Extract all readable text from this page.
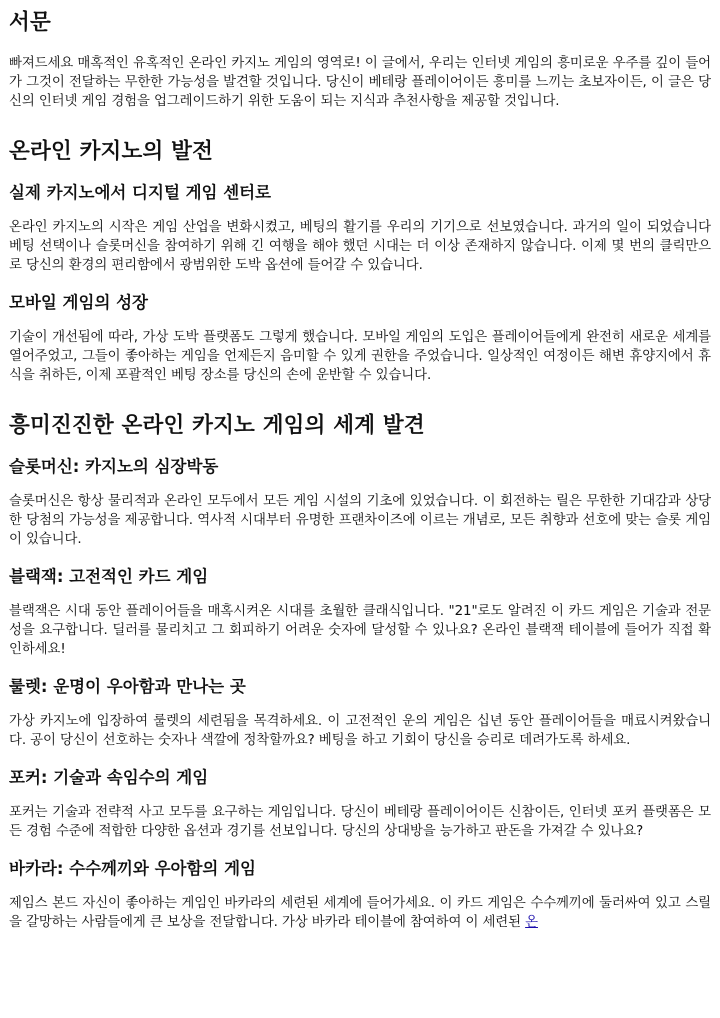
서문

빠져드세요 매혹적인 유혹적인 온라인 카지노 게임의 영역로! 이 글에서, 우리는 인터넷 게임의 흥미로운 우주를 깊이 들어가 그것이 전달하는 무한한 가능성을 발견할 것입니다. 당신이 베테랑 플레이어이든 흥미를 느끼는 초보자이든, 이 글은 당신의 인터넷 게임 경험을 업그레이드하기 위한 도움이 되는 지식과 추천사항을 제공할 것입니다.

온라인 카지노의 발전
실제 카지노에서 디지털 게임 센터로

온라인 카지노의 시작은 게임 산업을 변화시켰고, 베팅의 활기를 우리의 기기으로 선보였습니다. 과거의 일이 되었습니다 베팅 선택이나 슬롯머신을 참여하기 위해 긴 여행을 해야 했던 시대는 더 이상 존재하지 않습니다. 이제 몇 번의 클릭만으로 당신의 환경의 편리함에서 광범위한 도박 옵션에 들어갈 수 있습니다.

모바일 게임의 성장

기술이 개선됨에 따라, 가상 도박 플랫폼도 그렇게 했습니다. 모바일 게임의 도입은 플레이어들에게 완전히 새로운 세계를 열어주었고, 그들이 좋아하는 게임을 언제든지 음미할 수 있게 권한을 주었습니다. 일상적인 여정이든 해변 휴양지에서 휴식을 취하든, 이제 포괄적인 베팅 장소를 당신의 손에 운반할 수 있습니다.

흥미진진한 온라인 카지노 게임의 세계 발견
슬롯머신: 카지노의 심장박동

슬롯머신은 항상 물리적과 온라인 모두에서 모든 게임 시설의 기초에 있었습니다. 이 회전하는 릴은 무한한 기대감과 상당한 당첨의 가능성을 제공합니다. 역사적 시대부터 유명한 프랜차이즈에 이르는 개념로, 모든 취향과 선호에 맞는 슬롯 게임이 있습니다.

블랙잭: 고전적인 카드 게임

블랙잭은 시대 동안 플레이어들을 매혹시켜온 시대를 초월한 클래식입니다. "21"로도 알려진 이 카드 게임은 기술과 전문성을 요구합니다. 딜러를 물리치고 그 회피하기 어려운 숫자에 달성할 수 있나요? 온라인 블랙잭 테이블에 들어가 직접 확인하세요!

룰렛: 운명이 우아함과 만나는 곳

가상 카지노에 입장하여 룰렛의 세련됨을 목격하세요. 이 고전적인 운의 게임은 십년 동안 플레이어들을 매료시켜왔습니다. 공이 당신이 선호하는 숫자나 색깔에 정착할까요? 베팅을 하고 기회이 당신을 승리로 데려가도록 하세요.

포커: 기술과 속임수의 게임

포커는 기술과 전략적 사고 모두를 요구하는 게임입니다. 당신이 베테랑 플레이어이든 신참이든, 인터넷 포커 플랫폼은 모든 경험 수준에 적합한 다양한 옵션과 경기를 선보입니다. 당신의 상대방을 능가하고 판돈을 가져갈 수 있나요?

바카라: 수수께끼와 우아함의 게임

제임스 본드 자신이 좋아하는 게임인 바카라의 세련된 세계에 들어가세요. 이 카드 게임은 수수께끼에 둘러싸여 있고 스릴을 갈망하는 사람들에게 큰 보상을 전달합니다. 가상 바카라 테이블에 참여하여 이 세련된 온
